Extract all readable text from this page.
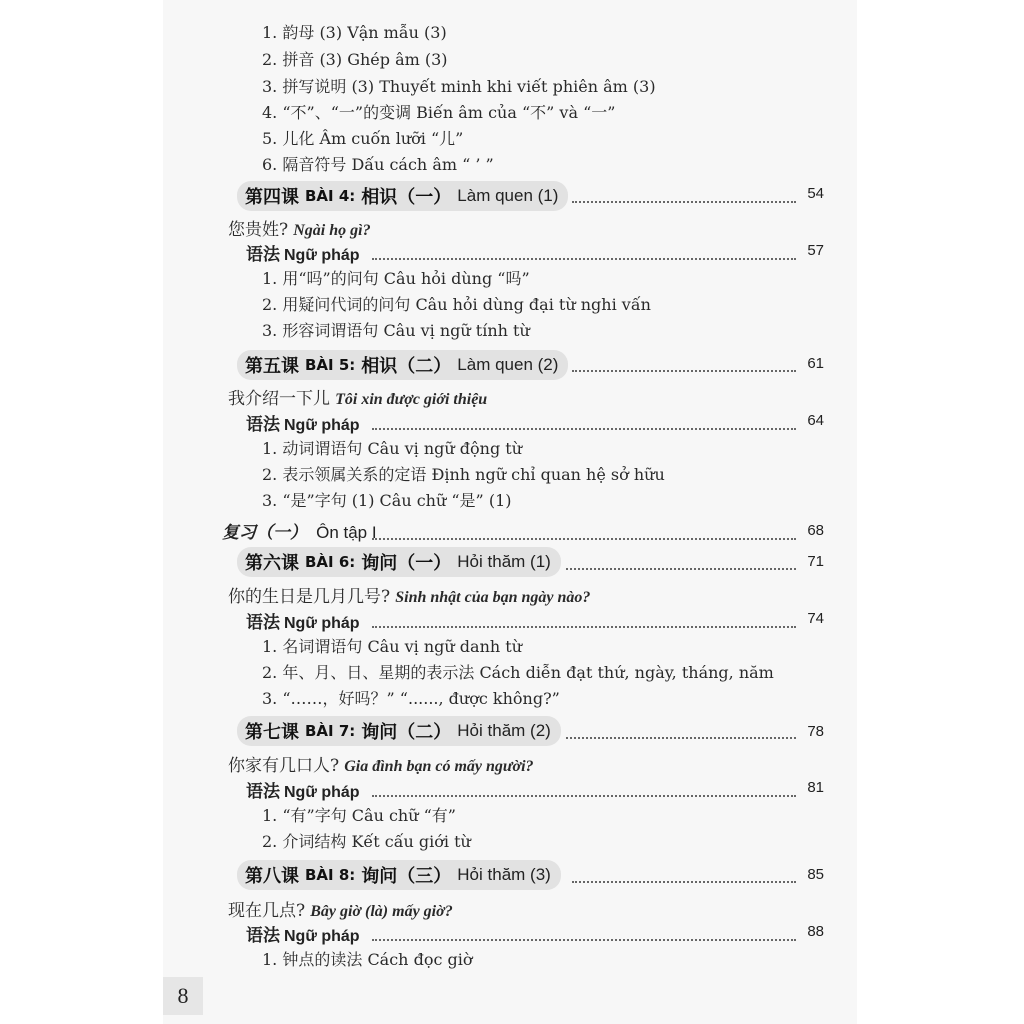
1. 韵母 (3) Vận mẫu (3)
2. 拼音 (3) Ghép âm (3)
3. 拼写说明 (3) Thuyết minh khi viết phiên âm (3)
4. “不”、“一”的变调 Biến âm của “不” và “一”
5. 儿化 Âm cuốn lưỡi “儿”
6. 隔音符号 Dấu cách âm “ ’ ”
第四课 BÀI 4: 相识（一） Làm quen (1)	54
您贵姓? Ngài họ gì?
语法 Ngữ pháp	57
1. 用“吗”的问句 Câu hỏi dùng “吗”
2. 用疑问代词的问句 Câu hỏi dùng đại từ nghi vấn
3. 形容词谓语句 Câu vị ngữ tính từ
第五课 BÀI 5: 相识（二） Làm quen (2)	61
我介绍一下儿 Tôi xin được giới thiệu
语法 Ngữ pháp	64
1. 动词谓语句 Câu vị ngữ động từ
2. 表示领属关系的定语 Định ngữ chỉ quan hệ sở hữu
3. “是”字句 (1) Câu chữ “是” (1)
复习（一） Ôn tập I	68
第六课 BÀI 6: 询问（一） Hỏi thăm (1)	71
你的生日是几月几号? Sinh nhật của bạn ngày nào?
语法 Ngữ pháp	74
1. 名词谓语句 Câu vị ngữ danh từ
2. 年、月、日、星期的表示法 Cách diễn đạt thứ, ngày, tháng, năm
3. “……，好吗？” “......, được không?”
第七课 BÀI 7: 询问（二） Hỏi thăm (2)	78
你家有几口人? Gia đình bạn có mấy người?
语法 Ngữ pháp	81
1. “有”字句 Câu chữ “有”
2. 介词结构 Kết cấu giới từ
第八课 BÀI 8: 询问（三） Hỏi thăm (3)	85
现在几点? Bây giờ (là) mấy giờ?
语法 Ngữ pháp	88
1. 钟点的读法 Cách đọc giờ
8
